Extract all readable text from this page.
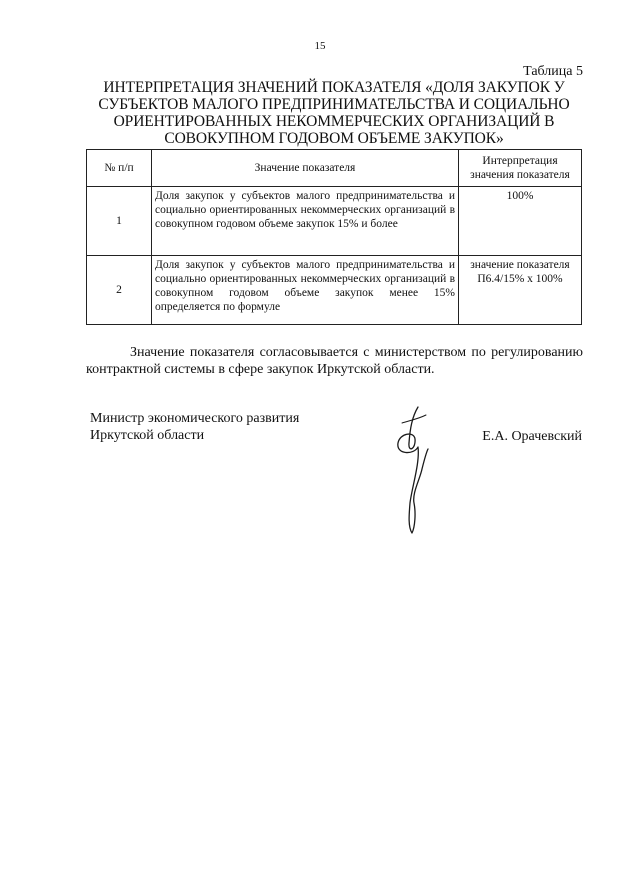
15
Таблица 5
ИНТЕРПРЕТАЦИЯ ЗНАЧЕНИЙ ПОКАЗАТЕЛЯ «ДОЛЯ ЗАКУПОК У
СУБЪЕКТОВ МАЛОГО ПРЕДПРИНИМАТЕЛЬСТВА И СОЦИАЛЬНО
ОРИЕНТИРОВАННЫХ НЕКОММЕРЧЕСКИХ ОРГАНИЗАЦИЙ В
СОВОКУПНОМ ГОДОВОМ ОБЪЕМЕ ЗАКУПОК»
№ п/п	Значение показателя	Интерпретация значения показателя
1	Доля закупок у субъектов малого предпринимательства и социально ориентированных некоммерческих организаций в совокупном годовом объеме закупок 15% и более	100%
2	Доля закупок у субъектов малого предпринимательства и социально ориентированных некоммерческих организаций в совокупном годовом объеме закупок менее 15% определяется по формуле	значение показателя П6.4/15% х 100%
Значение показателя согласовывается с министерством по регулированию контрактной системы в сфере закупок Иркутской области.
Министр экономического развития
Иркутской области	Е.А. Орачевский
